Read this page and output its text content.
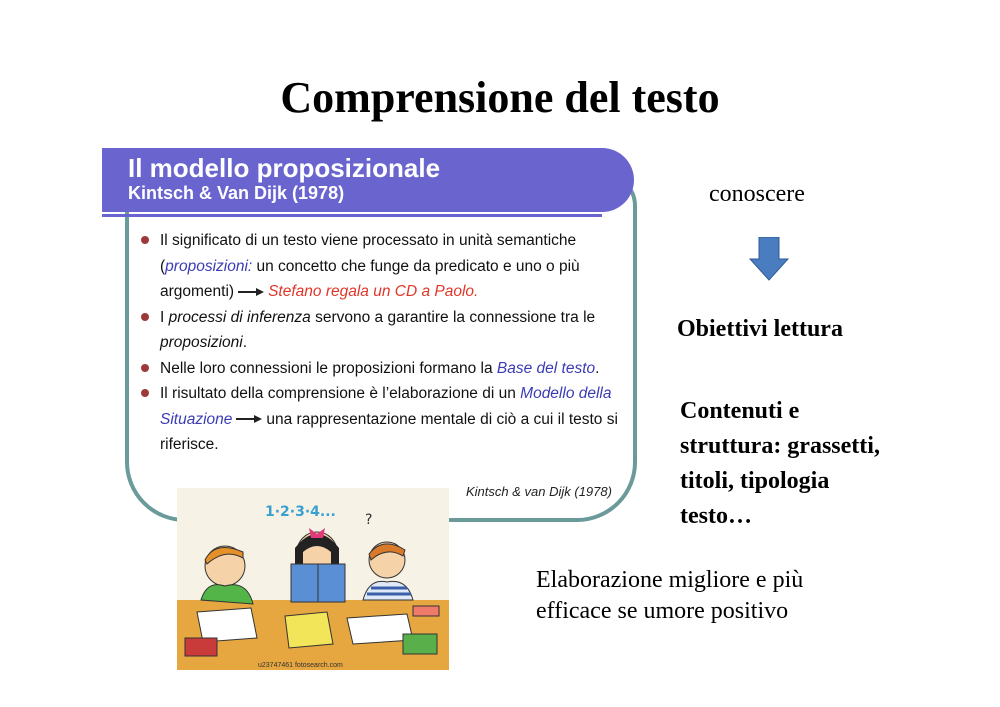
Comprensione del testo
Il modello proposizionale
Kintsch & Van Dijk (1978)

Il significato di un testo viene processato in unità semantiche (proposizioni: un concetto che funge da predicato e uno o più argomenti) Stefano regala un CD a Paolo.

I processi di inferenza servono a garantire la connessione tra le proposizioni.

Nelle loro connessioni le proposizioni formano la Base del testo.

Il risultato della comprensione è l’elaborazione di un Modello della Situazione una rappresentazione mentale di ciò a cui il testo si riferisce.

Kintsch & van Dijk (1978)
1·2·3·4... ?
u23747461 fotosearch.com
conoscere
Obiettivi lettura
Contenuti e struttura: grassetti, titoli, tipologia testo…
Elaborazione migliore e più efficace se umore positivo
